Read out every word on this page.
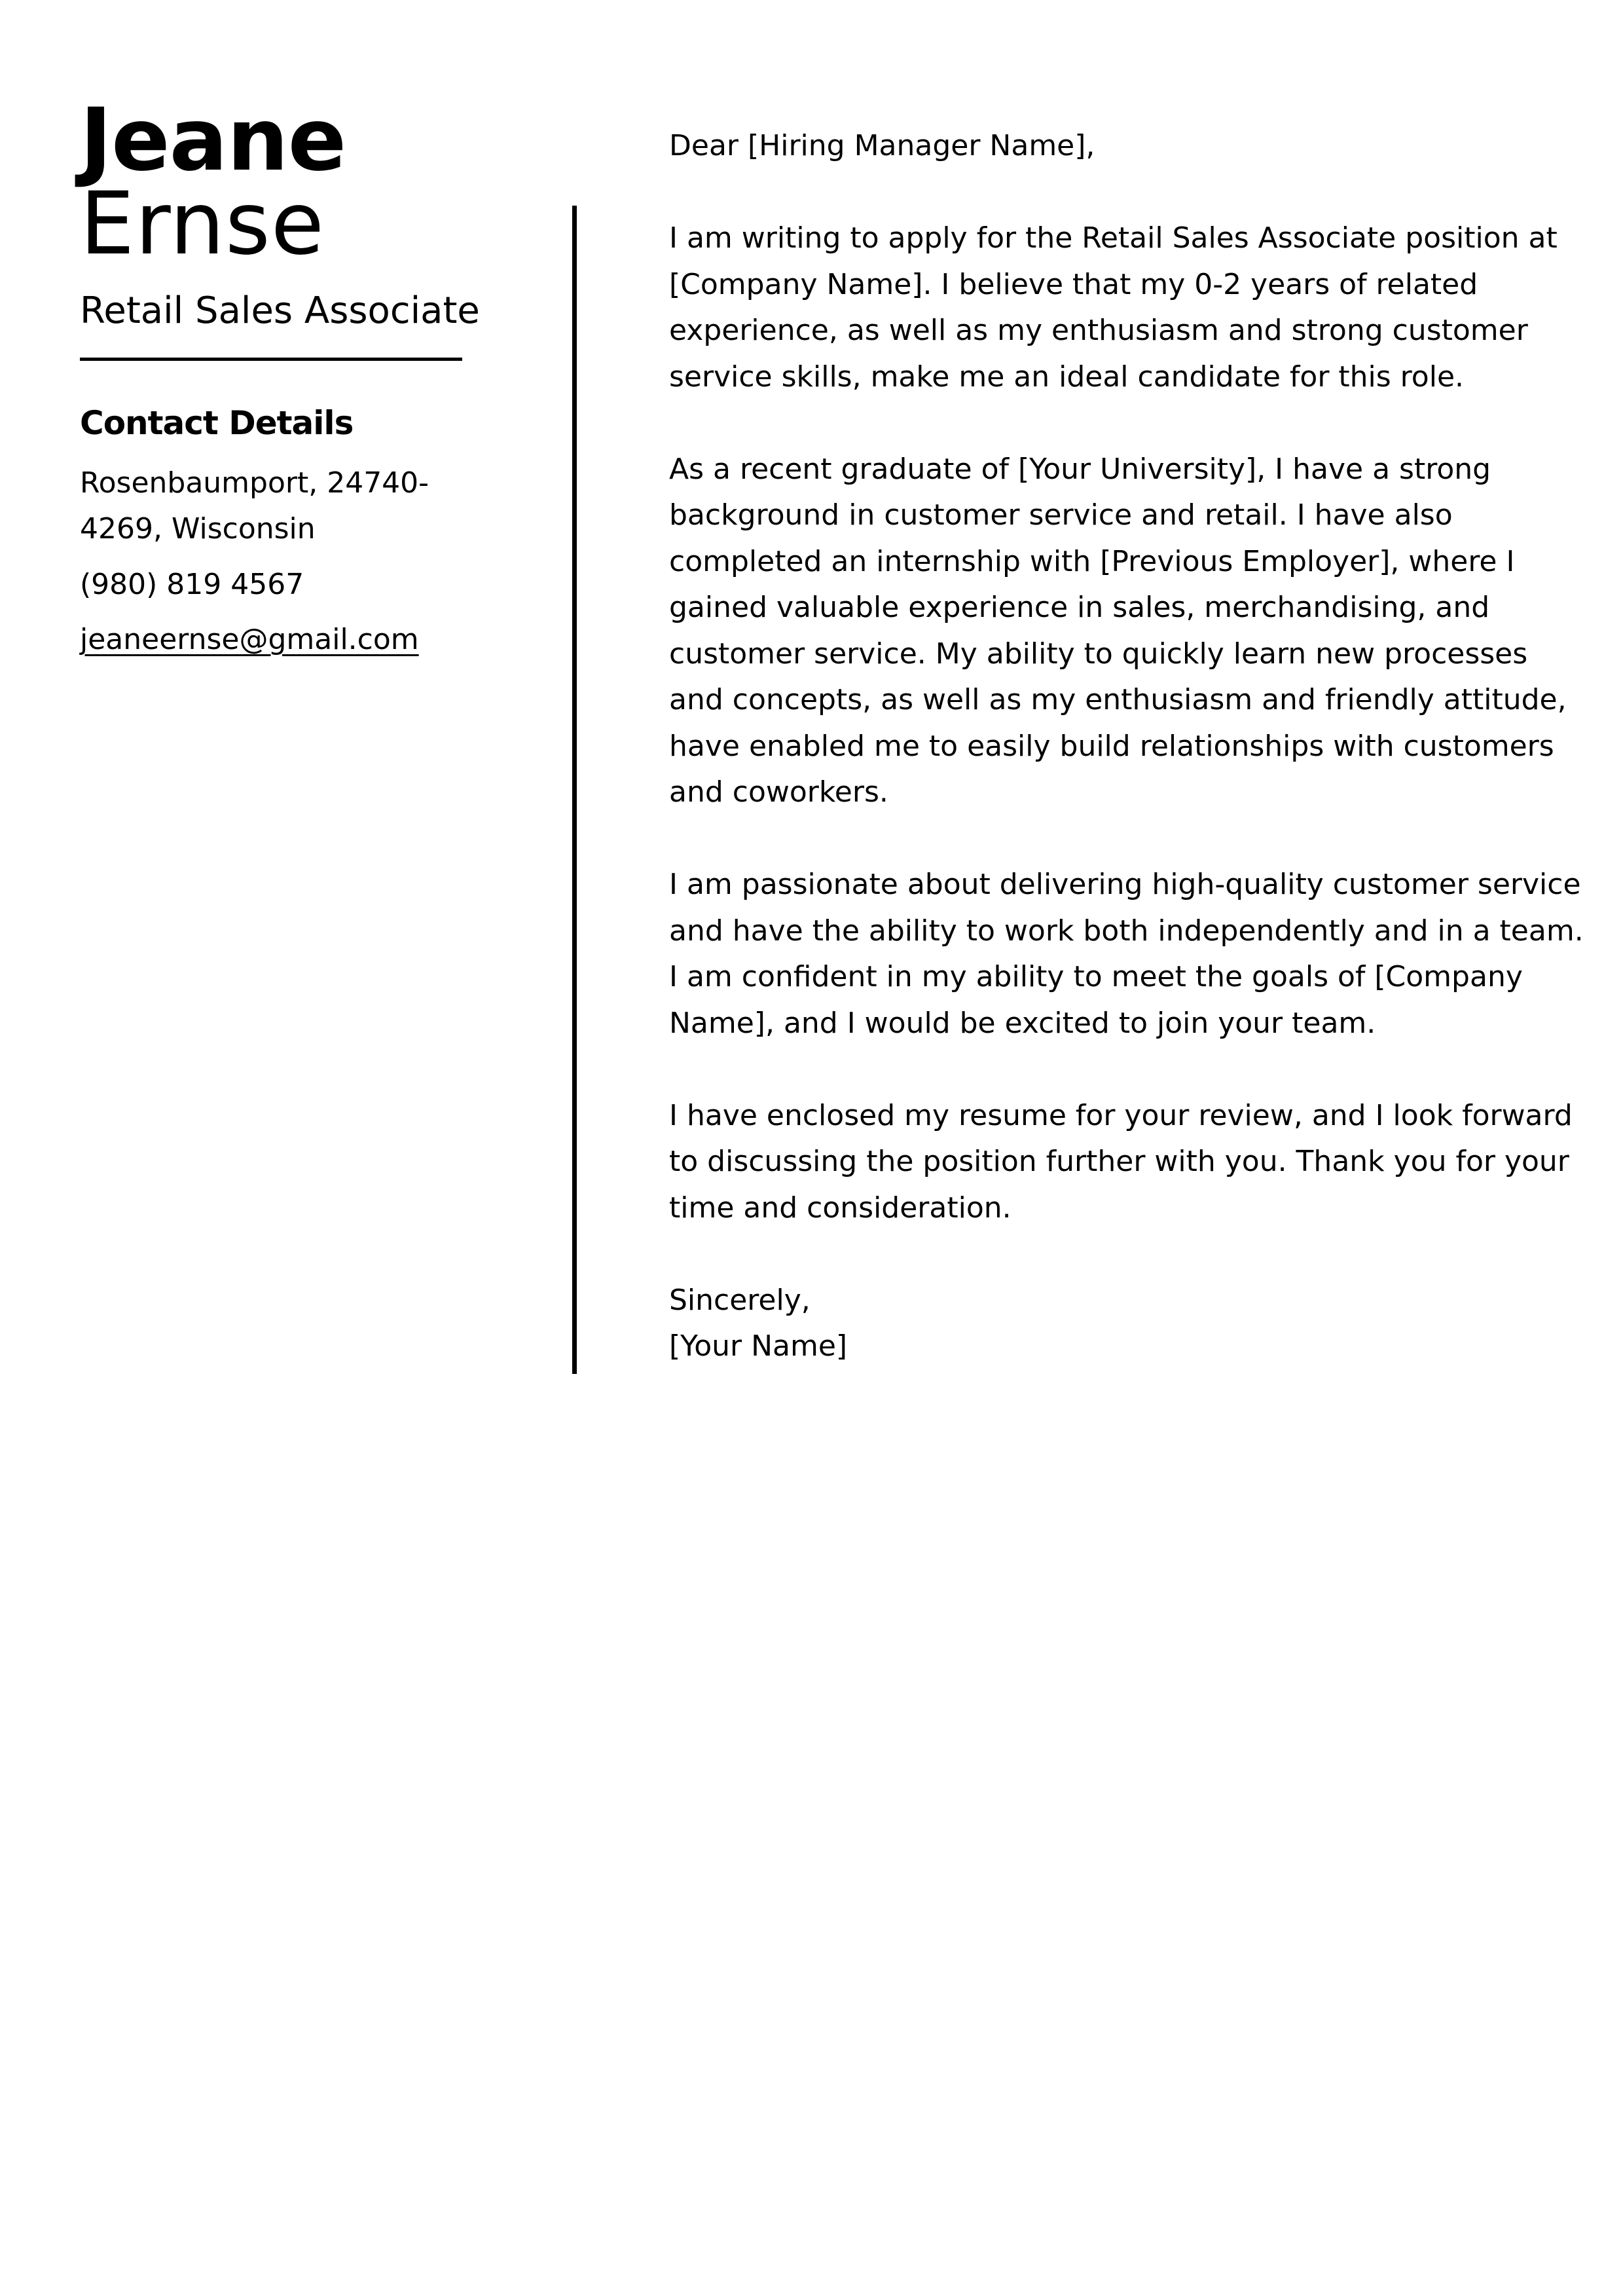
Jeane
Ernse
Retail Sales Associate
Contact Details
Rosenbaumport, 24740-
4269, Wisconsin
(980) 819 4567
jeaneernse@gmail.com

Dear [Hiring Manager Name],

I am writing to apply for the Retail Sales Associate position at
[Company Name]. I believe that my 0-2 years of related
experience, as well as my enthusiasm and strong customer
service skills, make me an ideal candidate for this role.

As a recent graduate of [Your University], I have a strong
background in customer service and retail. I have also
completed an internship with [Previous Employer], where I
gained valuable experience in sales, merchandising, and
customer service. My ability to quickly learn new processes
and concepts, as well as my enthusiasm and friendly attitude,
have enabled me to easily build relationships with customers
and coworkers.

I am passionate about delivering high-quality customer service
and have the ability to work both independently and in a team.
I am confident in my ability to meet the goals of [Company
Name], and I would be excited to join your team.

I have enclosed my resume for your review, and I look forward
to discussing the position further with you. Thank you for your
time and consideration.

Sincerely,
[Your Name]
